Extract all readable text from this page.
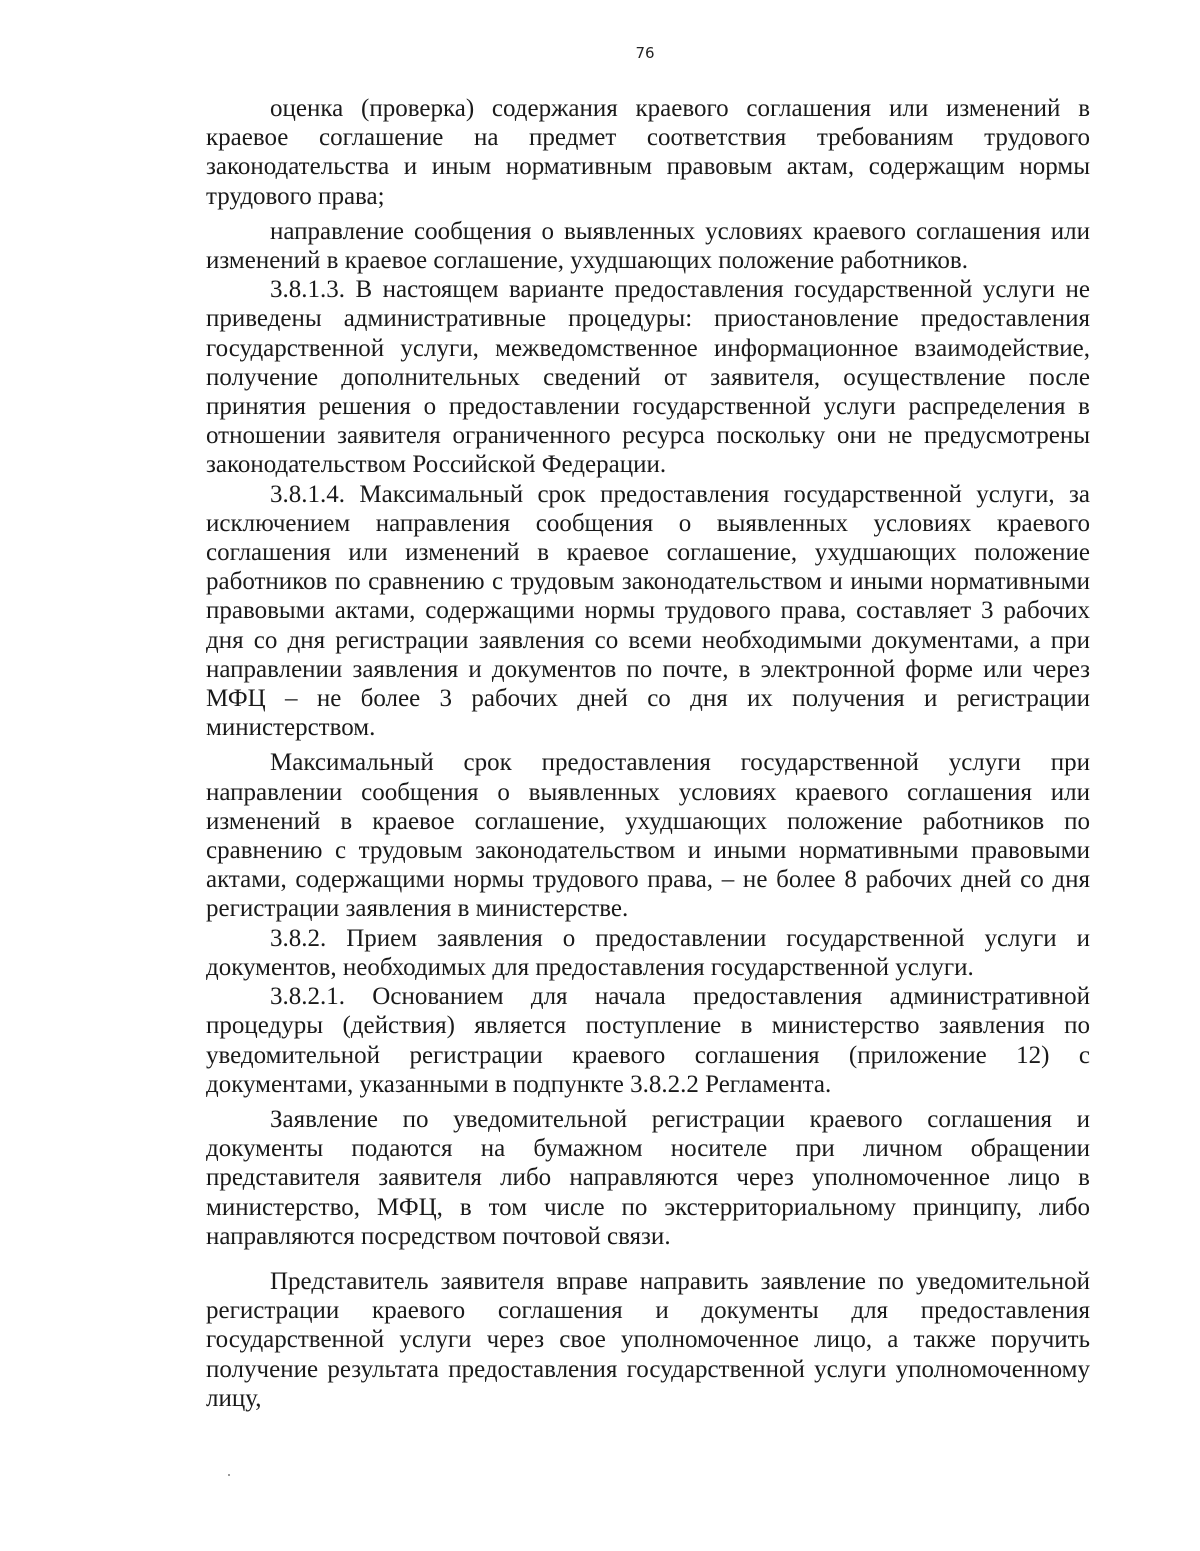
76

оценка (проверка) содержания краевого соглашения или изменений в краевое соглашение на предмет соответствия требованиям трудового законодательства и иным нормативным правовым актам, содержащим нормы трудового права;

направление сообщения о выявленных условиях краевого соглашения или изменений в краевое соглашение, ухудшающих положение работников.

3.8.1.3. В настоящем варианте предоставления государственной услуги не приведены административные процедуры: приостановление предоставления государственной услуги, межведомственное информационное взаимодействие, получение дополнительных сведений от заявителя, осуществление после принятия решения о предоставлении государственной услуги распределения в отношении заявителя ограниченного ресурса поскольку они не предусмотрены законодательством Российской Федерации.

3.8.1.4. Максимальный срок предоставления государственной услуги, за исключением направления сообщения о выявленных условиях краевого соглашения или изменений в краевое соглашение, ухудшающих положение работников по сравнению с трудовым законодательством и иными нормативными правовыми актами, содержащими нормы трудового права, составляет 3 рабочих дня со дня регистрации заявления со всеми необходимыми документами, а при направлении заявления и документов по почте, в электронной форме или через МФЦ – не более 3 рабочих дней со дня их получения и регистрации министерством.

Максимальный срок предоставления государственной услуги при направлении сообщения о выявленных условиях краевого соглашения или изменений в краевое соглашение, ухудшающих положение работников по сравнению с трудовым законодательством и иными нормативными правовыми актами, содержащими нормы трудового права, – не более 8 рабочих дней со дня регистрации заявления в министерстве.

3.8.2. Прием заявления о предоставлении государственной услуги и документов, необходимых для предоставления государственной услуги.

3.8.2.1. Основанием для начала предоставления административной процедуры (действия) является поступление в министерство заявления по уведомительной регистрации краевого соглашения (приложение 12) с документами, указанными в подпункте 3.8.2.2 Регламента.

Заявление по уведомительной регистрации краевого соглашения и документы подаются на бумажном носителе при личном обращении представителя заявителя либо направляются через уполномоченное лицо в министерство, МФЦ, в том числе по экстерриториальному принципу, либо направляются посредством почтовой связи.

Представитель заявителя вправе направить заявление по уведомительной регистрации краевого соглашения и документы для предоставления государственной услуги через свое уполномоченное лицо, а также поручить получение результата предоставления государственной услуги уполномоченному лицу,
